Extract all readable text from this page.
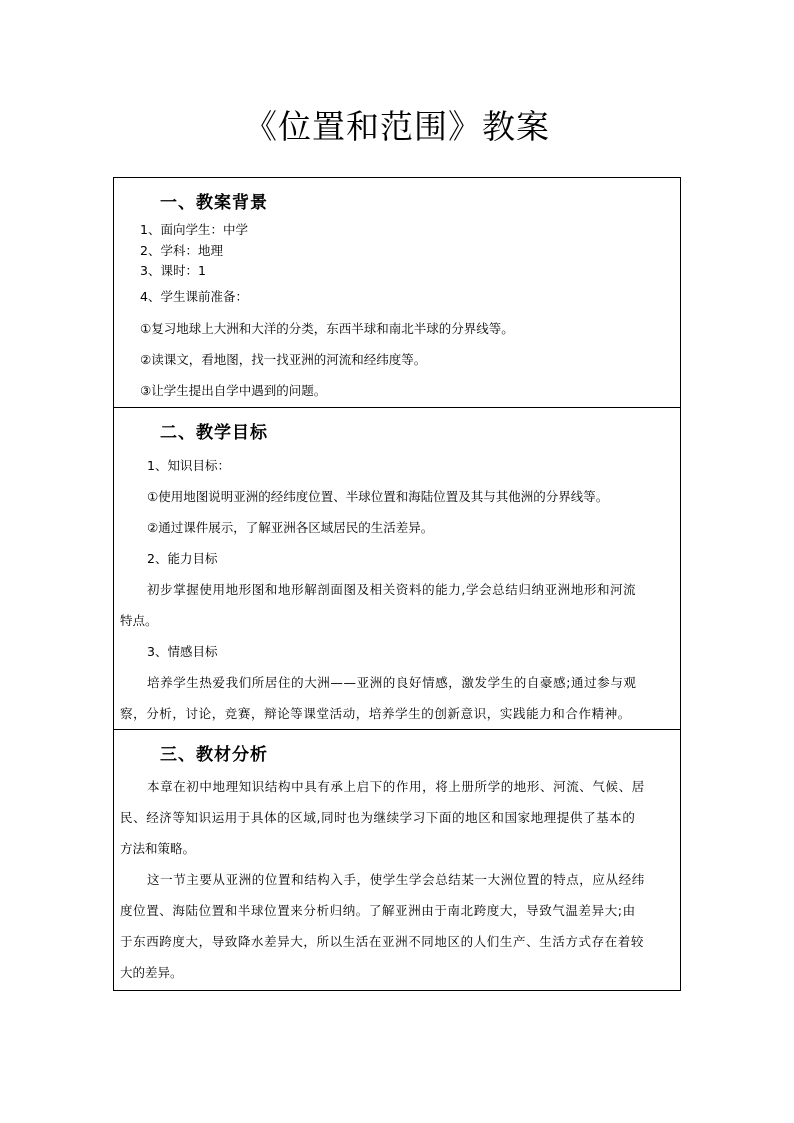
《位置和范围》教案
一、教案背景
1、面向学生：中学
2、学科：地理
3、课时：1
4、学生课前准备：
①复习地球上大洲和大洋的分类，东西半球和南北半球的分界线等。
②读课文，看地图，找一找亚洲的河流和经纬度等。
③让学生提出自学中遇到的问题。
二、教学目标
1、知识目标：
①使用地图说明亚洲的经纬度位置、半球位置和海陆位置及其与其他洲的分界线等。
②通过课件展示，了解亚洲各区域居民的生活差异。
2、能力目标
初步掌握使用地形图和地形解剖面图及相关资料的能力,学会总结归纳亚洲地形和河流
特点。
3、情感目标
培养学生热爱我们所居住的大洲——亚洲的良好情感，激发学生的自豪感;通过参与观
察，分析，讨论，竞赛，辩论等课堂活动，培养学生的创新意识，实践能力和合作精神。
三、教材分析
本章在初中地理知识结构中具有承上启下的作用，将上册所学的地形、河流、气候、居
民、经济等知识运用于具体的区域,同时也为继续学习下面的地区和国家地理提供了基本的
方法和策略。
这一节主要从亚洲的位置和结构入手，使学生学会总结某一大洲位置的特点，应从经纬
度位置、海陆位置和半球位置来分析归纳。了解亚洲由于南北跨度大，导致气温差异大;由
于东西跨度大，导致降水差异大，所以生活在亚洲不同地区的人们生产、生活方式存在着较
大的差异。
